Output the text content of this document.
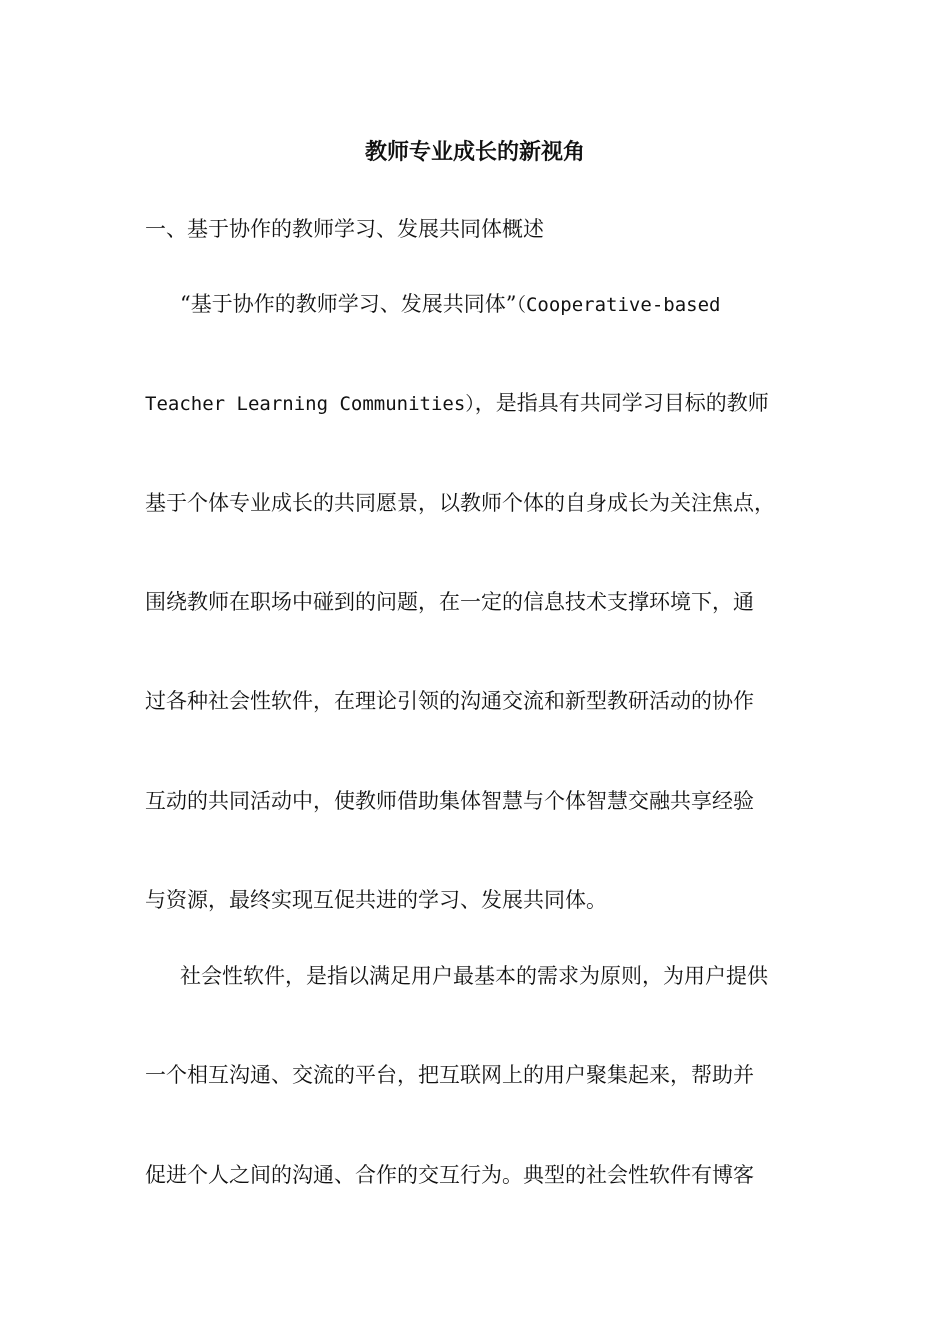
教师专业成长的新视角
一、基于协作的教师学习、发展共同体概述
“基于协作的教师学习、发展共同体”（Cooperative-based
Teacher Learning Communities），是指具有共同学习目标的教师
基于个体专业成长的共同愿景，以教师个体的自身成长为关注焦点，
围绕教师在职场中碰到的问题，在一定的信息技术支撑环境下，通
过各种社会性软件，在理论引领的沟通交流和新型教研活动的协作
互动的共同活动中，使教师借助集体智慧与个体智慧交融共享经验
与资源，最终实现互促共进的学习、发展共同体。
社会性软件，是指以满足用户最基本的需求为原则，为用户提供
一个相互沟通、交流的平台，把互联网上的用户聚集起来，帮助并
促进个人之间的沟通、合作的交互行为。典型的社会性软件有博客
